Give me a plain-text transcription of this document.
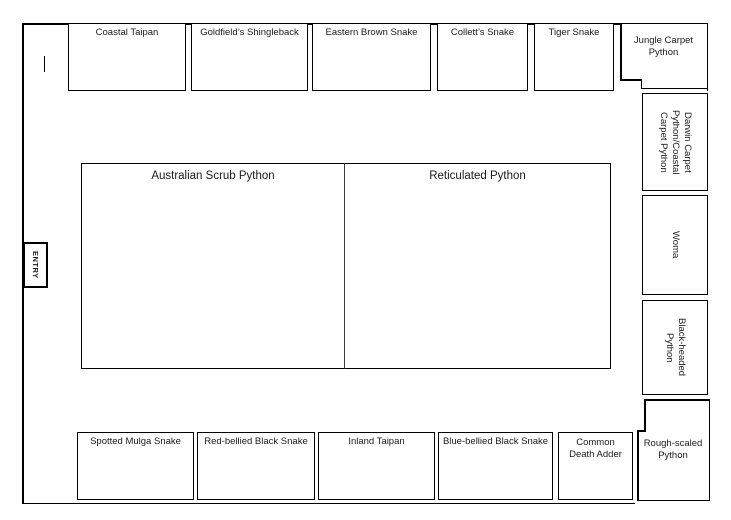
ENTRY
Coastal Taipan	Goldfield’s Shingleback	Eastern Brown Snake	Collett’s Snake	Tiger Snake
Jungle Carpet Python
Darwin Carpet Python/Coastal Carpet Python
Woma
Black-headed Python
Rough-scaled Python
Australian Scrub Python	Reticulated Python
Spotted Mulga Snake	Red-bellied Black Snake	Inland Taipan	Blue-bellied Black Snake	Common Death Adder
